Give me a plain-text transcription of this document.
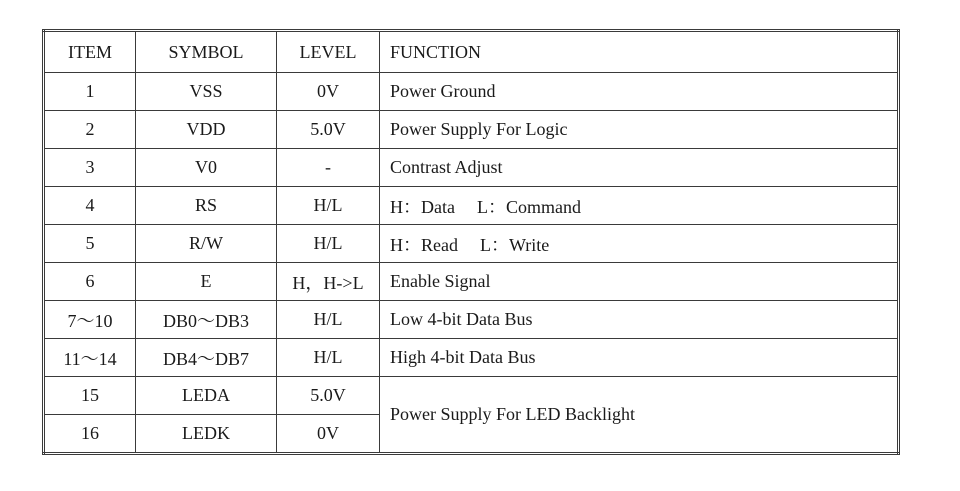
ITEM	SYMBOL	LEVEL	FUNCTION
1	VSS	0V	Power Ground
2	VDD	5.0V	Power Supply For Logic
3	V0	-	Contrast Adjust
4	RS	H/L	H：Data L：Command
5	R/W	H/L	H：Read L：Write
6	E	H，H->L	Enable Signal
7～10	DB0～DB3	H/L	Low 4-bit Data Bus
11～14	DB4～DB7	H/L	High 4-bit Data Bus
15	LEDA	5.0V	Power Supply For LED Backlight
16	LEDK	0V	
